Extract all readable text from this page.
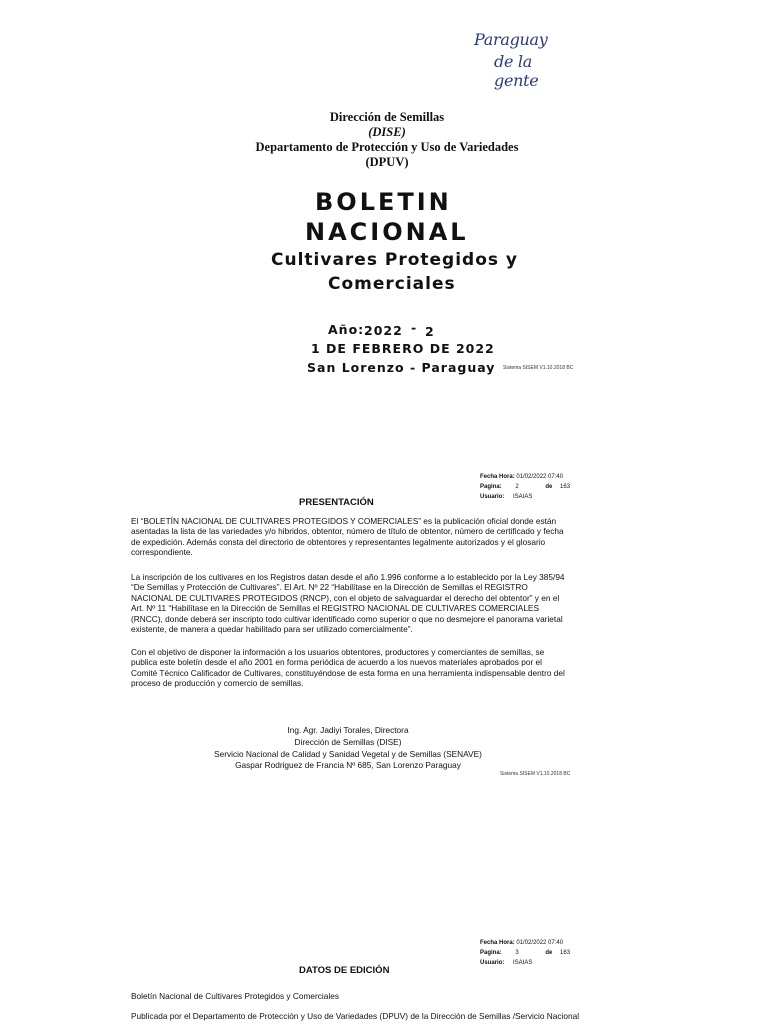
Paraguay
de la gente
Dirección de Semillas
(DISE)
Departamento de Protección y Uso de Variedades
(DPUV)
BOLETIN
NACIONAL
Cultivares Protegidos y
Comerciales
Año: 2022 - 2
1 DE FEBRERO DE 2022
San Lorenzo - Paraguay Sistema SISEM V1.10.2018 BC
Fecha Hora: 01/02/2022 07:40
Pagina: 2	de 163
Usuario: ISAIAS
PRESENTACIÓN
El “BOLETÍN NACIONAL DE CULTIVARES PROTEGIDOS Y COMERCIALES” es la publicación oficial donde están
asentadas la lista de las variedades y/o hibridos, obtentor, número de título de obtentor, número de certificado y fecha
de expedición. Además consta del directorio de obtentores y representantes legalmente autorizados y el glosario
correspondiente.
La inscripción de los cultivares en los Registros datan desde el año 1.996 conforme a lo establecido por la Ley 385/94
“De Semillas y Protección de Cultivares”. El Art. Nº 22 “Habilítase en la Dirección de Semillas el REGISTRO
NACIONAL DE CULTIVARES PROTEGIDOS (RNCP), con el objeto de salvaguardar el derecho del obtentor” y en el
Art. Nº 11 “Habilítase en la Dirección de Semillas el REGISTRO NACIONAL DE CULTIVARES COMERCIALES
(RNCC), donde deberá ser inscripto todo cultivar identificado como superior o que no desmejore el panorama varietal
existente, de manera a quedar habilitado para ser utilizado comercialmente”.
Con el objetivo de disponer la información a los usuarios obtentores, productores y comerciantes de semillas, se
publica este boletín desde el año 2001 en forma periódica de acuerdo a los nuevos materiales aprobados por el
Comité Técnico Calificador de Cultivares, constituyéndose de esta forma en una herramienta indispensable dentro del
proceso de producción y comercio de semillas.
Ing. Agr. Jadiyi Torales, Directora
Dirección de Semillas (DISE)
Servicio Nacional de Calidad y Sanidad Vegetal y de Semillas (SENAVE)
Gaspar Rodriguez de Francia Nº 685, San Lorenzo Paraguay
Sistema SISEM V1.10.2018 BC
Fecha Hora: 01/02/2022 07:40
Pagina: 3	de 163
Usuario: ISAIAS
DATOS DE EDICIÓN
Boletín Nacional de Cultivares Protegidos y Comerciales
Publicada por el Departamento de Protección y Uso de Variedades (DPUV) de la Dirección de Semillas /Servicio Nacional
